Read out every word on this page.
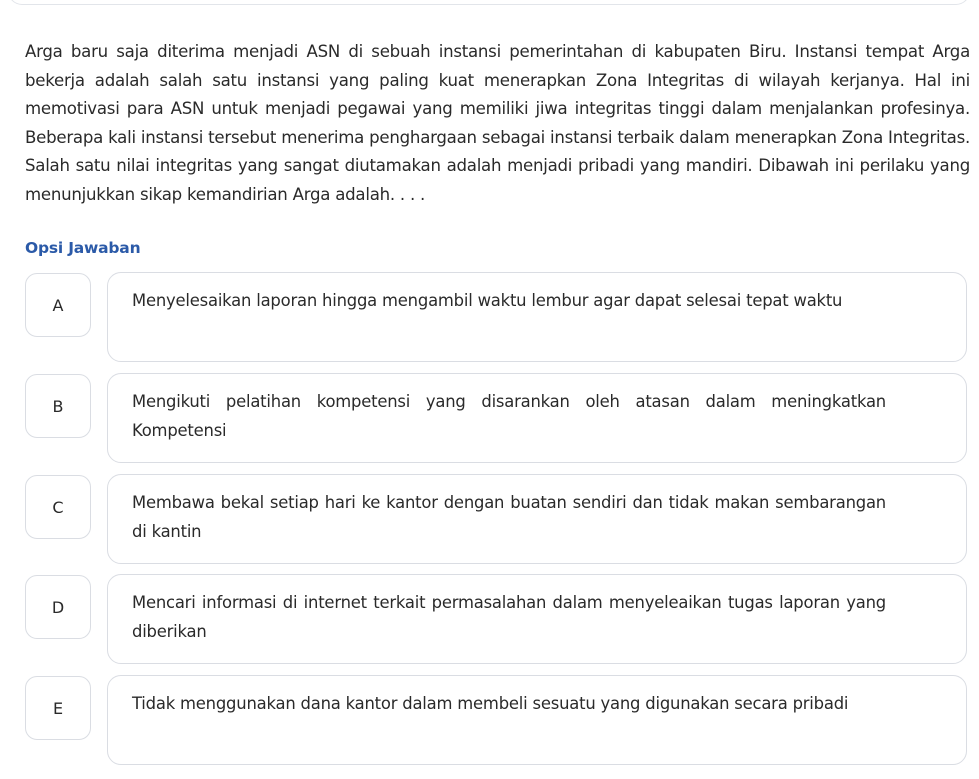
Arga baru saja diterima menjadi ASN di sebuah instansi pemerintahan di kabupaten Biru. Instansi tempat Arga bekerja adalah salah satu instansi yang paling kuat menerapkan Zona Integritas di wilayah kerjanya. Hal ini memotivasi para ASN untuk menjadi pegawai yang memiliki jiwa integritas tinggi dalam menjalankan profesinya. Beberapa kali instansi tersebut menerima penghargaan sebagai instansi terbaik dalam menerapkan Zona Integritas. Salah satu nilai integritas yang sangat diutamakan adalah menjadi pribadi yang mandiri. Dibawah ini perilaku yang menunjukkan sikap kemandirian Arga adalah. . . .

Opsi Jawaban

A	Menyelesaikan laporan hingga mengambil waktu lembur agar dapat selesai tepat waktu
B	Mengikuti pelatihan kompetensi yang disarankan oleh atasan dalam meningkatkan Kompetensi
C	Membawa bekal setiap hari ke kantor dengan buatan sendiri dan tidak makan sembarangan di kantin
D	Mencari informasi di internet terkait permasalahan dalam menyeleaikan tugas laporan yang diberikan
E	Tidak menggunakan dana kantor dalam membeli sesuatu yang digunakan secara pribadi
